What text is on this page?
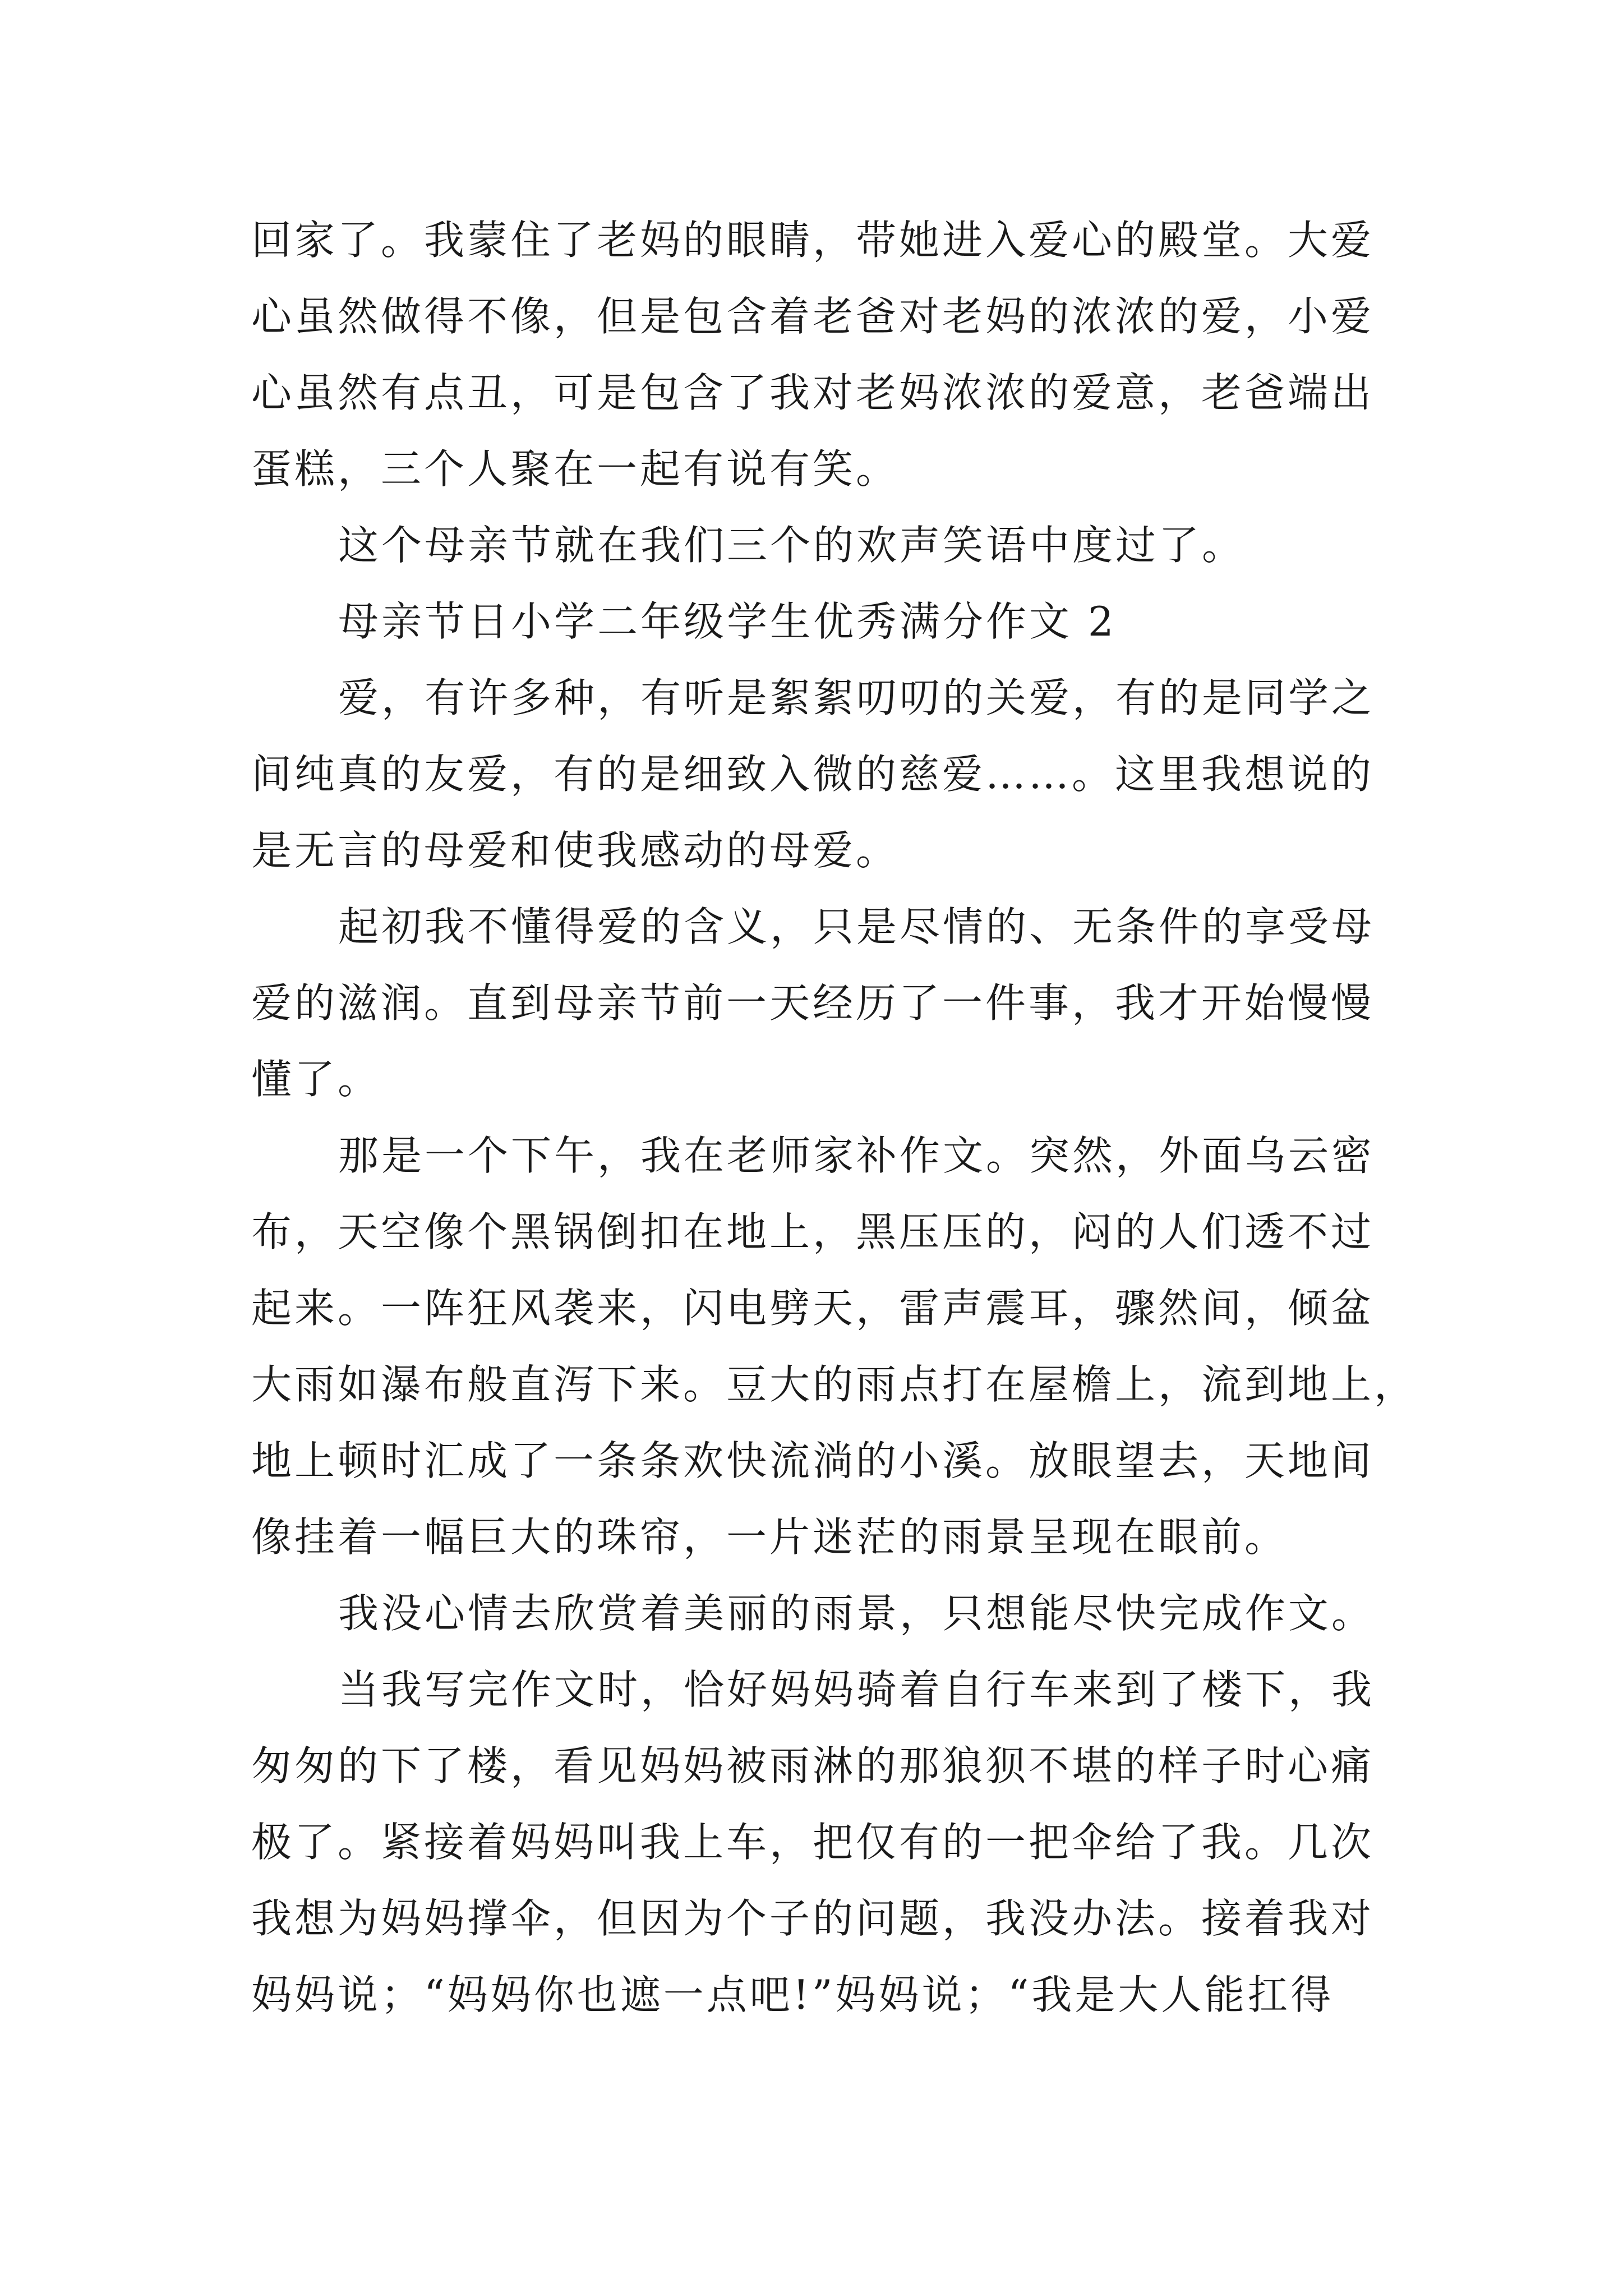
回家了。我蒙住了老妈的眼睛，带她进入爱心的殿堂。大爱
心虽然做得不像，但是包含着老爸对老妈的浓浓的爱，小爱
心虽然有点丑，可是包含了我对老妈浓浓的爱意，老爸端出
蛋糕，三个人聚在一起有说有笑。
这个母亲节就在我们三个的欢声笑语中度过了。
母亲节日小学二年级学生优秀满分作文 2
爱，有许多种，有听是絮絮叨叨的关爱，有的是同学之
间纯真的友爱，有的是细致入微的慈爱……。这里我想说的
是无言的母爱和使我感动的母爱。
起初我不懂得爱的含义，只是尽情的、无条件的享受母
爱的滋润。直到母亲节前一天经历了一件事，我才开始慢慢
懂了。
那是一个下午，我在老师家补作文。突然，外面乌云密
布，天空像个黑锅倒扣在地上，黑压压的，闷的人们透不过
起来。一阵狂风袭来，闪电劈天，雷声震耳，骤然间，倾盆
大雨如瀑布般直泻下来。豆大的雨点打在屋檐上，流到地上，
地上顿时汇成了一条条欢快流淌的小溪。放眼望去，天地间
像挂着一幅巨大的珠帘，一片迷茫的雨景呈现在眼前。
我没心情去欣赏着美丽的雨景，只想能尽快完成作文。
当我写完作文时，恰好妈妈骑着自行车来到了楼下，我
匆匆的下了楼，看见妈妈被雨淋的那狼狈不堪的样子时心痛
极了。紧接着妈妈叫我上车，把仅有的一把伞给了我。几次
我想为妈妈撑伞，但因为个子的问题，我没办法。接着我对
妈妈说；“妈妈你也遮一点吧!”妈妈说；“我是大人能扛得
